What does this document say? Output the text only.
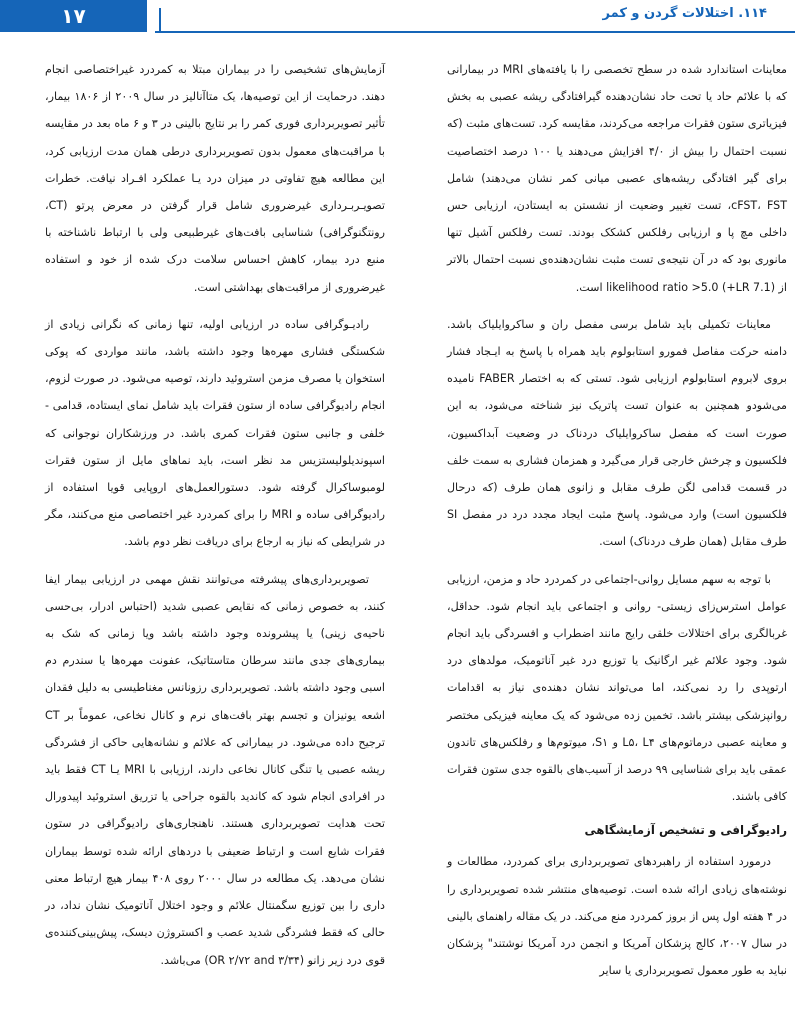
١٧	١١۴. اختلالات گردن و کمر

معاینات استاندارد شده در سطح تخصصی را با یافته‌های MRI در بیمارانی که با علائم حاد یا تحت حاد نشان‌دهنده گیرافتادگی ریشه عصبی به بخش فیزیاتری ستون فقرات مراجعه می‌کردند، مقایسه کرد. تست‌های مثبت (که نسبت احتمال را بیش از ۴/۰ افزایش می‌دهند یا ۱۰۰ درصد اختصاصیت برای گیر افتادگی ریشه‌های عصبی میانی کمر نشان می‌دهند) شامل cFST، FST، تست تغییر وضعیت از نشستن به ایستادن، ارزیابی حس داخلی مچ پا و ارزیابی رفلکس کشکک بودند. تست رفلکس آشیل تنها مانوری بود که در آن نتیجه‌ی تست مثبت نشان‌دهنده‌ی نسبت احتمال بالاتر از likelihood ratio >5.0 (+LR 7.1) است.

معاینات تکمیلی باید شامل برسی مفصل ران و ساکروایلیاک باشد. دامنه حرکت مفاصل فمورو استابولوم باید همراه با پاسخ به ایـجاد فشار بروی لابروم استابولوم ارزیابی شود. تستی که به اختصار FABER نامیده می‌شودو همچنین به عنوان تست پاتریک نیز شناخته می‌شود، به این صورت است که مفصل ساکروایلیاک دردناک در وضعیت آبداکسیون، فلکسیون و چرخش خارجی قرار می‌گیرد و همزمان فشاری به سمت خلف در قسمت قدامی لگن طرف مقابل و زانوی همان طرف (که درحال فلکسیون است) وارد می‌شود. پاسخ مثبت ایجاد مجدد درد در مفصل SI طرف مقابل (همان طرف دردناک) است.

با توجه به سهم مسایل روانی-اجتماعی در کمردرد حاد و مزمن، ارزیابی عوامل استرس‌زای زیستی- روانی و اجتماعی باید انجام شود. حداقل، غربالگری برای اختلالات خلقی رایج مانند اضطراب و افسردگی باید انجام شود. وجود علائم غیر ارگانیک یا توزیع درد غیر آناتومیک، مولدهای درد ارتوپدی را رد نمی‌کند، اما می‌تواند نشان دهنده‌ی نیاز به اقدامات روانپزشکی بیشتر باشد. تخمین زده می‌شود که یک معاینه فیزیکی مختصر و معاینه عصبی درماتوم‌های L۵، L۴ و S۱، میوتوم‌ها و رفلکس‌های تاندون عمقی باید برای شناسایی ۹۹ درصد از آسیب‌های بالقوه جدی ستون فقرات کافی باشند.

رادیوگرافی و تشخیص آزمایشگاهی

درمورد استفاده از راهبردهای تصویربرداری برای کمردرد، مطالعات و نوشته‌های زیادی ارائه شده است. توصیه‌های منتشر شده تصویربرداری را در ۴ هفته اول پس از بروز کمردرد منع می‌کند. در یک مقاله راهنمای بالینی در سال ۲۰۰۷، کالج پزشکان آمریکا و انجمن درد آمریکا نوشتند" پزشکان نباید به طور معمول تصویربرداری یا سایر

آزمایش‌های تشخیصی را در بیماران مبتلا به کمردرد غیراختصاصی انجام دهند. درحمایت از این توصیه‌ها، یک متاآنالیز در سال ۲۰۰۹ از ۱۸۰۶ بیمار، تأثیر تصویربرداری فوری کمر را بر نتایج بالینی در ۳ و ۶ ماه بعد در مقایسه با مراقبت‌های معمول بدون تصویربرداری درطی همان مدت ارزیابی کرد، این مطالعه هیچ تفاوتی در میزان درد یـا عملکرد افـراد نیافت. خطرات تصویـربـرداری غیرضروری شامل قرار گرفتن در معرض پرتو (CT، رونتگنوگرافی) شناسایی بافت‌های غیرطبیعی ولی با ارتباط ناشناخته با منبع درد بیمار، کاهش احساس سلامت درک شده از خود و استفاده غیرضروری از مراقبت‌های بهداشتی است.

رادیـوگرافی ساده در ارزیابی اولیه، تنها زمانی که نگرانی زیادی از شکستگی فشاری مهره‌ها وجود داشته باشد، مانند مواردی که پوکی استخوان یا مصرف مزمن استروئید دارند، توصیه می‌شود. در صورت لزوم، انجام رادیوگرافی ساده از ستون فقرات باید شامل نمای ایستاده، قدامی - خلفی و جانبی ستون فقرات کمری باشد. در ورزشکاران نوجوانی که اسپوندیلولیستزیس مد نظر است، باید نماهای مایل از ستون فقرات لومبوساکرال گرفته شود. دستورالعمل‌های اروپایی قویا استفاده از رادیوگرافی ساده و MRI را برای کمردرد غیر اختصاصی منع می‌کنند، مگر در شرایطی که نیاز به ارجاع برای دریافت نظر دوم باشد.

تصویربرداری‌های پیشرفته می‌توانند نقش مهمی در ارزیابی بیمار ایفا کنند، به خصوص زمانی که نقایص عصبی شدید (احتباس ادرار، بی‌حسی ناحیه‌ی زینی) یا پیشرونده وجود داشته باشد ویا زمانی که شک به بیماری‌های جدی مانند سرطان متاستاتیک، عفونت مهره‌ها یا سندرم دم اسبی وجود داشته باشد. تصویربرداری رزونانس مغناطیسی به دلیل فقدان اشعه یونیزان و تجسم بهتر بافت‌های نرم و کانال نخاعی، عموماً بر CT ترجیح داده می‌شود. در بیمارانی که علائم و نشانه‌هایی حاکی از فشردگی ریشه عصبی یا تنگی کانال نخاعی دارند، ارزیابی با MRI یـا CT فقط باید در افرادی انجام شود که کاندید بالقوه جراحی یا تزریق استروئید اپیدورال تحت هدایت تصویربرداری هستند. ناهنجاری‌های رادیوگرافی در ستون فقرات شایع است و ارتباط ضعیفی با دردهای ارائه شده توسط بیماران نشان می‌دهد. یک مطالعه در سال ۲۰۰۰ روی ۴۰۸ بیمار هیچ ارتباط معنی داری را بین توزیع سگمنتال علائم و وجود اختلال آناتومیک نشان نداد، در حالی که فقط فشردگی شدید عصب و اکستروژن دیسک، پیش‌بینی‌کننده‌ی قوی درد زیر زانو (OR ۲/۷۲ and ۳/۳۴) می‌باشد.
